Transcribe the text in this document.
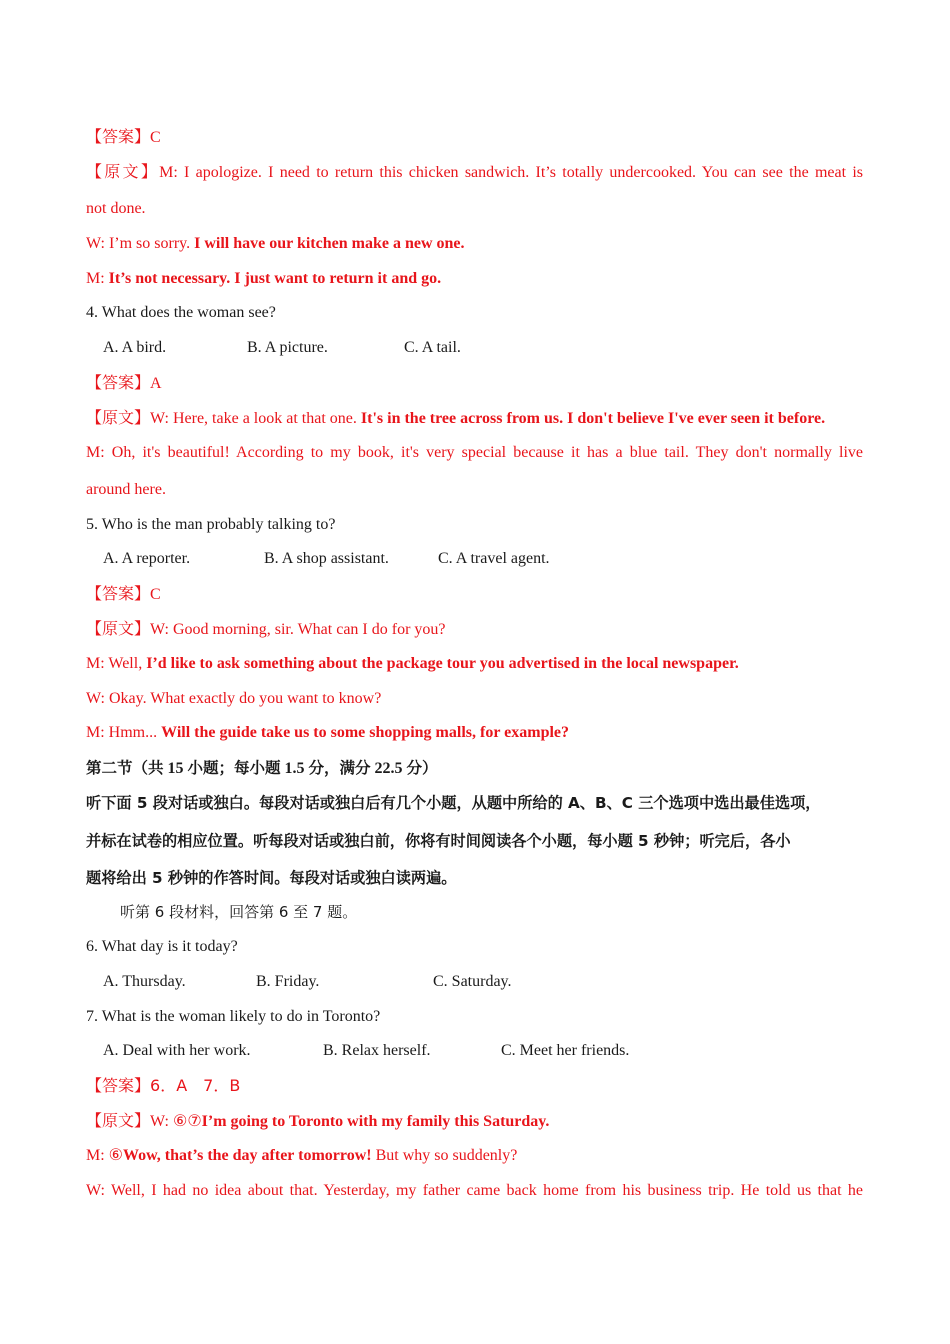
【答案】C
【原文】M: I apologize. I need to return this chicken sandwich. It’s totally undercooked. You can see the meat is
not done.
W: I’m so sorry. I will have our kitchen make a new one.
M: It’s not necessary. I just want to return it and go.
4. What does the woman see?
A. A bird.	B. A picture.	C. A tail.
【答案】A
【原文】W: Here, take a look at that one. It's in the tree across from us. I don't believe I've ever seen it before.
M: Oh, it's beautiful! According to my book, it's very special because it has a blue tail. They don't normally live
around here.
5. Who is the man probably talking to?
A. A reporter.	B. A shop assistant.	C. A travel agent.
【答案】C
【原文】W: Good morning, sir. What can I do for you?
M: Well, I’d like to ask something about the package tour you advertised in the local newspaper.
W: Okay. What exactly do you want to know?
M: Hmm... Will the guide take us to some shopping malls, for example?
第二节（共 15 小题；每小题 1.5 分，满分 22.5 分）
听下面 5 段对话或独白。每段对话或独白后有几个小题，从题中所给的 A、B、C 三个选项中选出最佳选项，
并标在试卷的相应位置。听每段对话或独白前，你将有时间阅读各个小题，每小题 5 秒钟；听完后，各小
题将给出 5 秒钟的作答时间。每段对话或独白读两遍。
听第 6 段材料，回答第 6 至 7 题。
6. What day is it today?
A. Thursday.	B. Friday.	C. Saturday.
7. What is the woman likely to do in Toronto?
A. Deal with her work.	B. Relax herself.	C. Meet her friends.
【答案】6．A　7．B
【原文】W: ⑥⑦I’m going to Toronto with my family this Saturday.
M: ⑥Wow, that’s the day after tomorrow! But why so suddenly?
W: Well, I had no idea about that. Yesterday, my father came back home from his business trip. He told us that he
